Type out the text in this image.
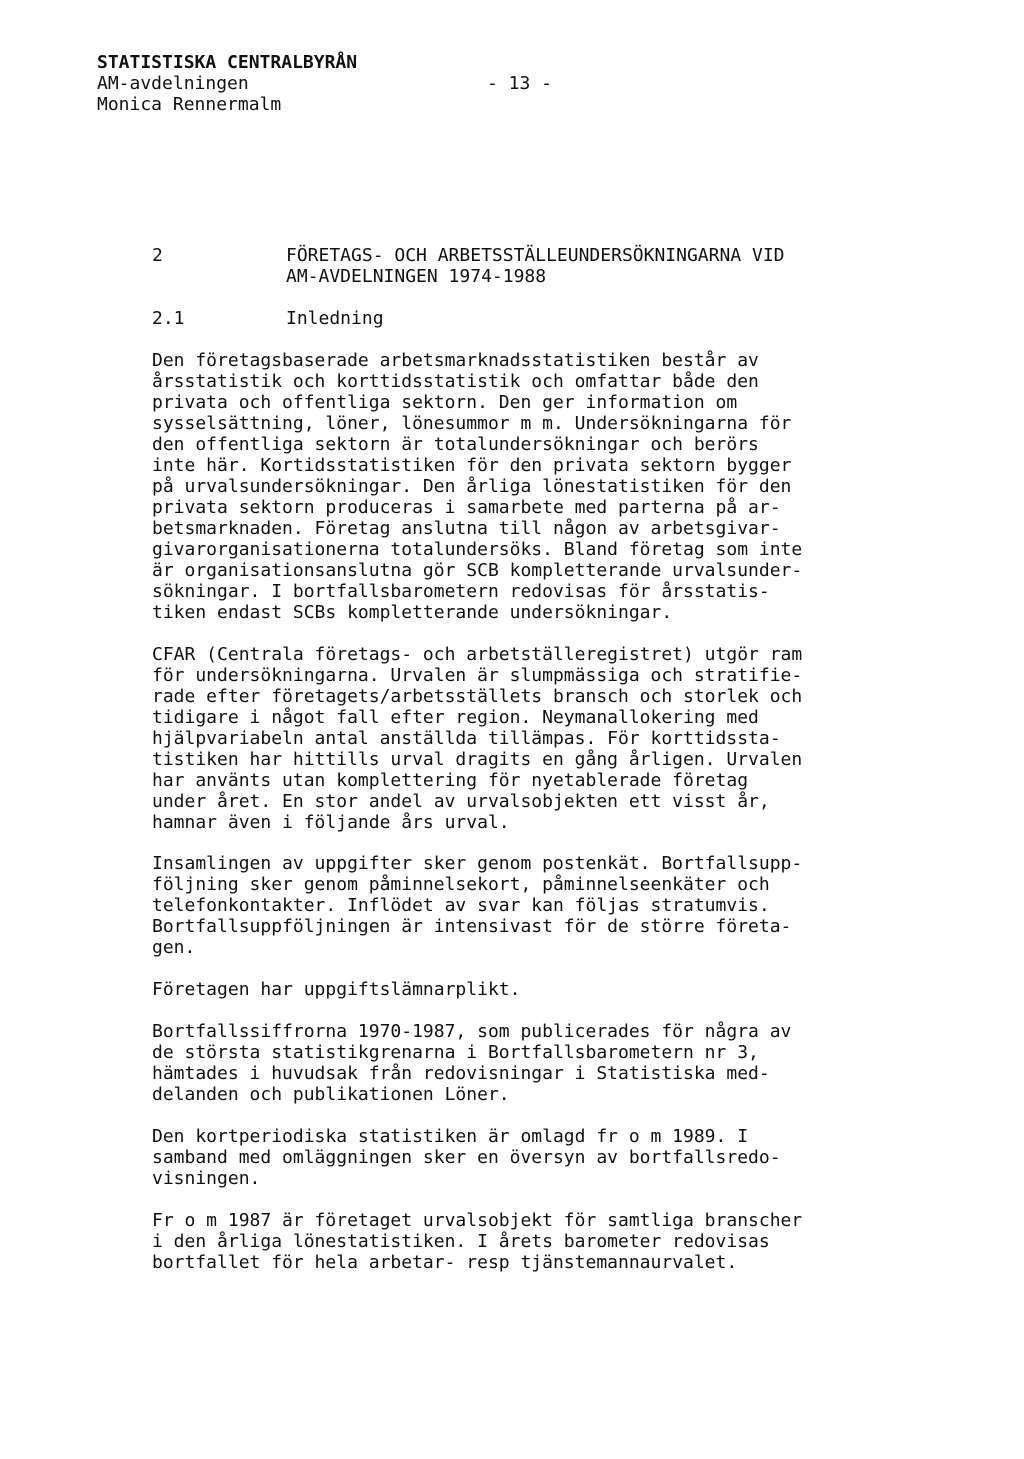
STATISTISKA CENTRALBYRÅN
AM-avdelningen
Monica Rennermalm
- 13 -
2	FÖRETAGS- OCH ARBETSSTÄLLEUNDERSÖKNINGARNA VID
AM-AVDELNINGEN 1974-1988
2.1	Inledning

Den företagsbaserade arbetsmarknadsstatistiken består av
årsstatistik och korttidsstatistik och omfattar både den
privata och offentliga sektorn. Den ger information om
sysselsättning, löner, lönesummor m m. Undersökningarna för
den offentliga sektorn är totalundersökningar och berörs
inte här. Kortidsstatistiken för den privata sektorn bygger
på urvalsundersökningar. Den årliga lönestatistiken för den
privata sektorn produceras i samarbete med parterna på ar-
betsmarknaden. Företag anslutna till någon av arbetsgivar-
givarorganisationerna totalundersöks. Bland företag som inte
är organisationsanslutna gör SCB kompletterande urvalsunder-
sökningar. I bortfallsbarometern redovisas för årsstatis-
tiken endast SCBs kompletterande undersökningar.

CFAR (Centrala företags- och arbetställeregistret) utgör ram
för undersökningarna. Urvalen är slumpmässiga och stratifie-
rade efter företagets/arbetsställets bransch och storlek och
tidigare i något fall efter region. Neymanallokering med
hjälpvariabeln antal anställda tillämpas. För korttidssta-
tistiken har hittills urval dragits en gång årligen. Urvalen
har använts utan komplettering för nyetablerade företag
under året. En stor andel av urvalsobjekten ett visst år,
hamnar även i följande års urval.

Insamlingen av uppgifter sker genom postenkät. Bortfallsupp-
följning sker genom påminnelsekort, påminnelseenkäter och
telefonkontakter. Inflödet av svar kan följas stratumvis.
Bortfallsuppföljningen är intensivast för de större företa-
gen.

Företagen har uppgiftslämnarplikt.

Bortfallssiffrorna 1970-1987, som publicerades för några av
de största statistikgrenarna i Bortfallsbarometern nr 3,
hämtades i huvudsak från redovisningar i Statistiska med-
delanden och publikationen Löner.

Den kortperiodiska statistiken är omlagd fr o m 1989. I
samband med omläggningen sker en översyn av bortfallsredo-
visningen.

Fr o m 1987 är företaget urvalsobjekt för samtliga branscher
i den årliga lönestatistiken. I årets barometer redovisas
bortfallet för hela arbetar- resp tjänstemannaurvalet.
